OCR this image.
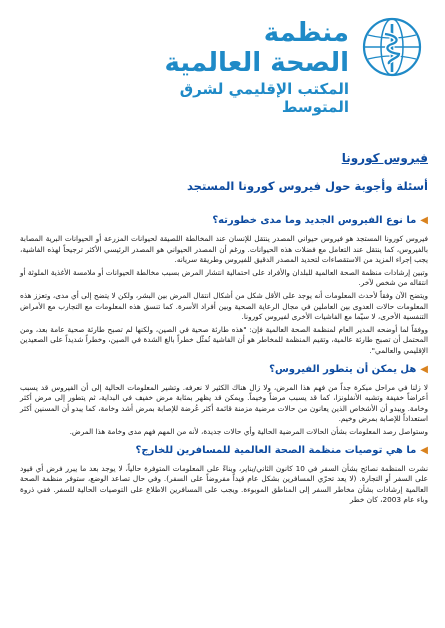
منظمة
الصحة العالمية
المكتب الإقليمي لشرق المتوسط
فيروس كورونا
أسئلة وأجوبة حول فيروس كورونا المستجد
◀
ما نوع الفيروس الجديد وما مدى خطورته؟
فيروس كورونا المستجد هو فيروس حيواني المصدر ينتقل للإنسان عند المخالطة اللصيقة لحيوانات المزرعة أو الحيوانات البرية المصابة بالفيروس، كما ينتقل عند التعامل مع فضلات هذه الحيوانات. ورغم أن المصدر الحيواني هو المصدر الرئيسي الأكثر ترجيحاً لهذه الفاشية، يجب إجراء المزيد من الاستقصاءات لتحديد المصدر الدقيق للفيروس وطريقة سريانه.
وتبين إرشادات منظمة الصحة العالمية للبلدان والأفراد على احتمالية انتشار المرض بسبب مخالطة الحيوانات أو ملامسة الأغذية الملوثة أو انتقاله من شخص لآخر.
ويتضح الآن وفقاً لأحدث المعلومات أنه يوجد على الأقل شكل من أشكال انتقال المرض بين البشر، ولكن لا يتضح إلى أي مدى، وتعزز هذه المعلومات حالات العدوى بين العاملين في مجال الرعاية الصحية وبين أفراد الأسرة. كما تنسق هذه المعلومات مع التجارب مع الأمراض التنفسية الأخرى، لا سيّما مع الفاشيات الأخرى لفيروس كورونا.
ووفقاً لما أوضحه المدير العام لمنظمة الصحة العالمية فإن: "هذه طارئة صحية في الصين، ولكنها لم تصبح طارئة صحية عامة بعد، ومن المحتمل أن تصبح طارئة عالمية، وتقيم المنظمة للمخاطر هو أن الفاشية تُمثّل خطراً بالغ الشدة في الصين، وخطراً شديداً على الصعيدين الإقليمي والعالمي".
◀
هل يمكن أن يتطور الفيروس؟
لا زلنا في مراحل مبكرة جداً من فهم هذا المرض، ولا زال هناك الكثير لا نعرفه. وتشير المعلومات الحالية إلى أن الفيروس قد يسبب أعراضاً خفيفة وتشبه الأنفلونزا، كما قد يسبب مرضاً وخيماً. ويمكن قد يظهر بمثابة مرض خفيف في البداية، ثم يتطور إلى مرض أكثر وخامة. ويبدو أن الأشخاص الذين يعانون من حالات مرضية مزمنة قائمة أكثر عُرضة للإصابة بمرض أشد وخامة، كما يبدو أن المسنين أكثر استعداداً للإصابة بمرض وخيم.
وستواصل رصد المعلومات بشأن الحالات المرضية الحالية وأي حالات جديدة، لأنه من المهم فهم مدى وخامة هذا المرض.
◀
ما هي توصيات منظمة الصحة العالمية للمسافرين للخارج؟
نشرت المنظمة نصائح بشأن السفر في 10 كانون الثاني/يناير، وبناءً على المعلومات المتوفرة حالياً، لا يوجد بعد ما يبرر فرض أي قيود على السفر أو التجارة. (لا يعد تحرّي المسافرين بشكل عام قيداً مفروضاً على السفر). وفي حال تصاعد الوضع، ستوفر منظمة الصحة العالمية إرشادات بشأن مخاطر السفر إلى المناطق الموبوءة. ويجب على المسافرين الاطلاع على التوصيات الحالية للسفر. ففي ذروة وباء عام 2003، كان خطر
